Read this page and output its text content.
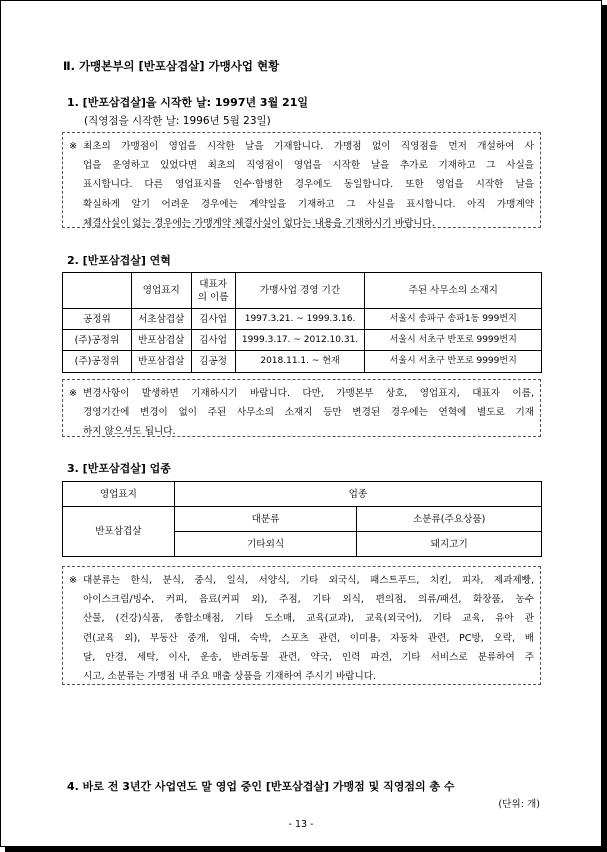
Ⅱ. 가맹본부의 [반포삼겹살] 가맹사업 현황
1. [반포삼겹살]을 시작한 날: 1997년 3월 21일
(직영점을 시작한 날: 1996년 5월 23일)
※ 최초의 가맹점이 영업을 시작한 날을 기재합니다. 가맹점 없이 직영점을 먼저 개설하여 사

업을 운영하고 있었다면 최초의 직영점이 영업을 시작한 날을 추가로 기재하고 그 사실을

표시합니다. 다른 영업표지를 인수·합병한 경우에도 동일합니다. 또한 영업을 시작한 날을

확실하게 알기 어려운 경우에는 계약일을 기재하고 그 사실을 표시합니다. 아직 가맹계약

체결사실이 없는 경우에는 가맹계약 체결사실이 없다는 내용을 기재하시기 바랍니다.

2. [반포삼겹살] 연혁
	영업표지	대표자의 이름	가맹사업 경영 기간	주된 사무소의 소재지
공정위	서초삼겹살	김사업	1997.3.21. ~ 1999.3.16.	서울시 송파구 송파1동 999번지
(주)공정위	반포삼겹살	김사업	1999.3.17. ~ 2012.10.31.	서울시 서초구 반포로 9999번지
(주)공정위	반포삼겹살	김공정	2018.11.1. ~ 현재	서울시 서초구 반포로 9999번지
※ 변경사항이 발생하면 기재하시기 바랍니다. 다만, 가맹본부 상호, 영업표지, 대표자 이름,

경영기간에 변경이 없이 주된 사무소의 소재지 등만 변경된 경우에는 연혁에 별도로 기재

하지 않으셔도 됩니다.

3. [반포삼겹살] 업종
영업표지	업종	
반포삼겹살	대분류	소분류(주요상품)
	기타외식	돼지고기
※ 대분류는 한식, 분식, 중식, 일식, 서양식, 기타 외국식, 패스트푸드, 치킨, 피자, 제과제빵,

아이스크림/빙수, 커피, 음료(커피 외), 주점, 기타 외식, 편의점, 의류/패션, 화장품, 농수

산물, (건강)식품, 종합소매점, 기타 도소매, 교육(교과), 교육(외국어), 기타 교육, 유아 관

련(교육 외), 부동산 중개, 임대, 숙박, 스포츠 관련, 이미용, 자동차 관련, PC방, 오락, 배

달, 안경, 세탁, 이사, 운송, 반려동물 관련, 약국, 인력 파견, 기타 서비스로 분류하여 주

시고, 소분류는 가맹점 내 주요 매출 상품을 기재하여 주시기 바랍니다.

4. 바로 전 3년간 사업연도 말 영업 중인 [반포삼겹살] 가맹점 및 직영점의 총 수
(단위: 개)
- 13 -
